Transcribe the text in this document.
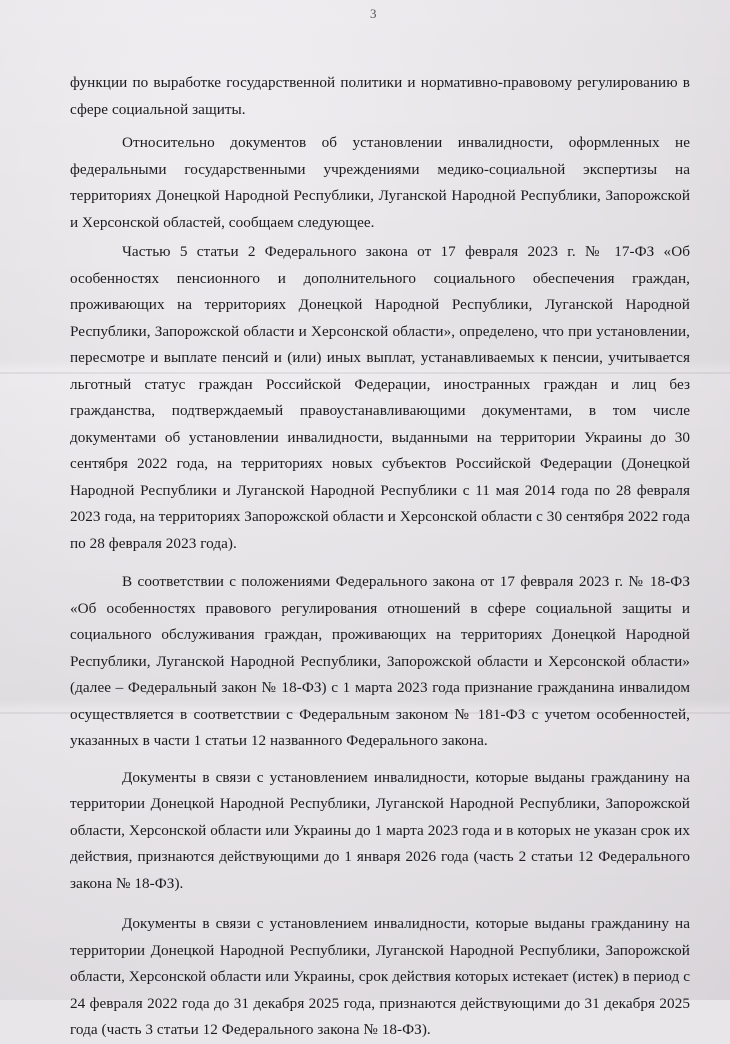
3

функции по выработке государственной политики и нормативно-правовому регулированию в сфере социальной защиты.

Относительно документов об установлении инвалидности, оформленных не федеральными государственными учреждениями медико-социальной экспертизы на территориях Донецкой Народной Республики, Луганской Народной Республики, Запорожской и Херсонской областей, сообщаем следующее.

Частью 5 статьи 2 Федерального закона от 17 февраля 2023 г. № 17-ФЗ «Об особенностях пенсионного и дополнительного социального обеспечения граждан, проживающих на территориях Донецкой Народной Республики, Луганской Народной Республики, Запорожской области и Херсонской области», определено, что при установлении, пересмотре и выплате пенсий и (или) иных выплат, устанавливаемых к пенсии, учитывается льготный статус граждан Российской Федерации, иностранных граждан и лиц без гражданства, подтверждаемый правоустанавливающими документами, в том числе документами об установлении инвалидности, выданными на территории Украины до 30 сентября 2022 года, на территориях новых субъектов Российской Федерации (Донецкой Народной Республики и Луганской Народной Республики с 11 мая 2014 года по 28 февраля 2023 года, на территориях Запорожской области и Херсонской области с 30 сентября 2022 года по 28 февраля 2023 года).

В соответствии с положениями Федерального закона от 17 февраля 2023 г. № 18-ФЗ «Об особенностях правового регулирования отношений в сфере социальной защиты и социального обслуживания граждан, проживающих на территориях Донецкой Народной Республики, Луганской Народной Республики, Запорожской области и Херсонской области» (далее – Федеральный закон № 18-ФЗ) с 1 марта 2023 года признание гражданина инвалидом осуществляется в соответствии с Федеральным законом № 181-ФЗ с учетом особенностей, указанных в части 1 статьи 12 названного Федерального закона.

Документы в связи с установлением инвалидности, которые выданы гражданину на территории Донецкой Народной Республики, Луганской Народной Республики, Запорожской области, Херсонской области или Украины до 1 марта 2023 года и в которых не указан срок их действия, признаются действующими до 1 января 2026 года (часть 2 статьи 12 Федерального закона № 18-ФЗ).

Документы в связи с установлением инвалидности, которые выданы гражданину на территории Донецкой Народной Республики, Луганской Народной Республики, Запорожской области, Херсонской области или Украины, срок действия которых истекает (истек) в период с 24 февраля 2022 года до 31 декабря 2025 года, признаются действующими до 31 декабря 2025 года (часть 3 статьи 12 Федерального закона № 18-ФЗ).
